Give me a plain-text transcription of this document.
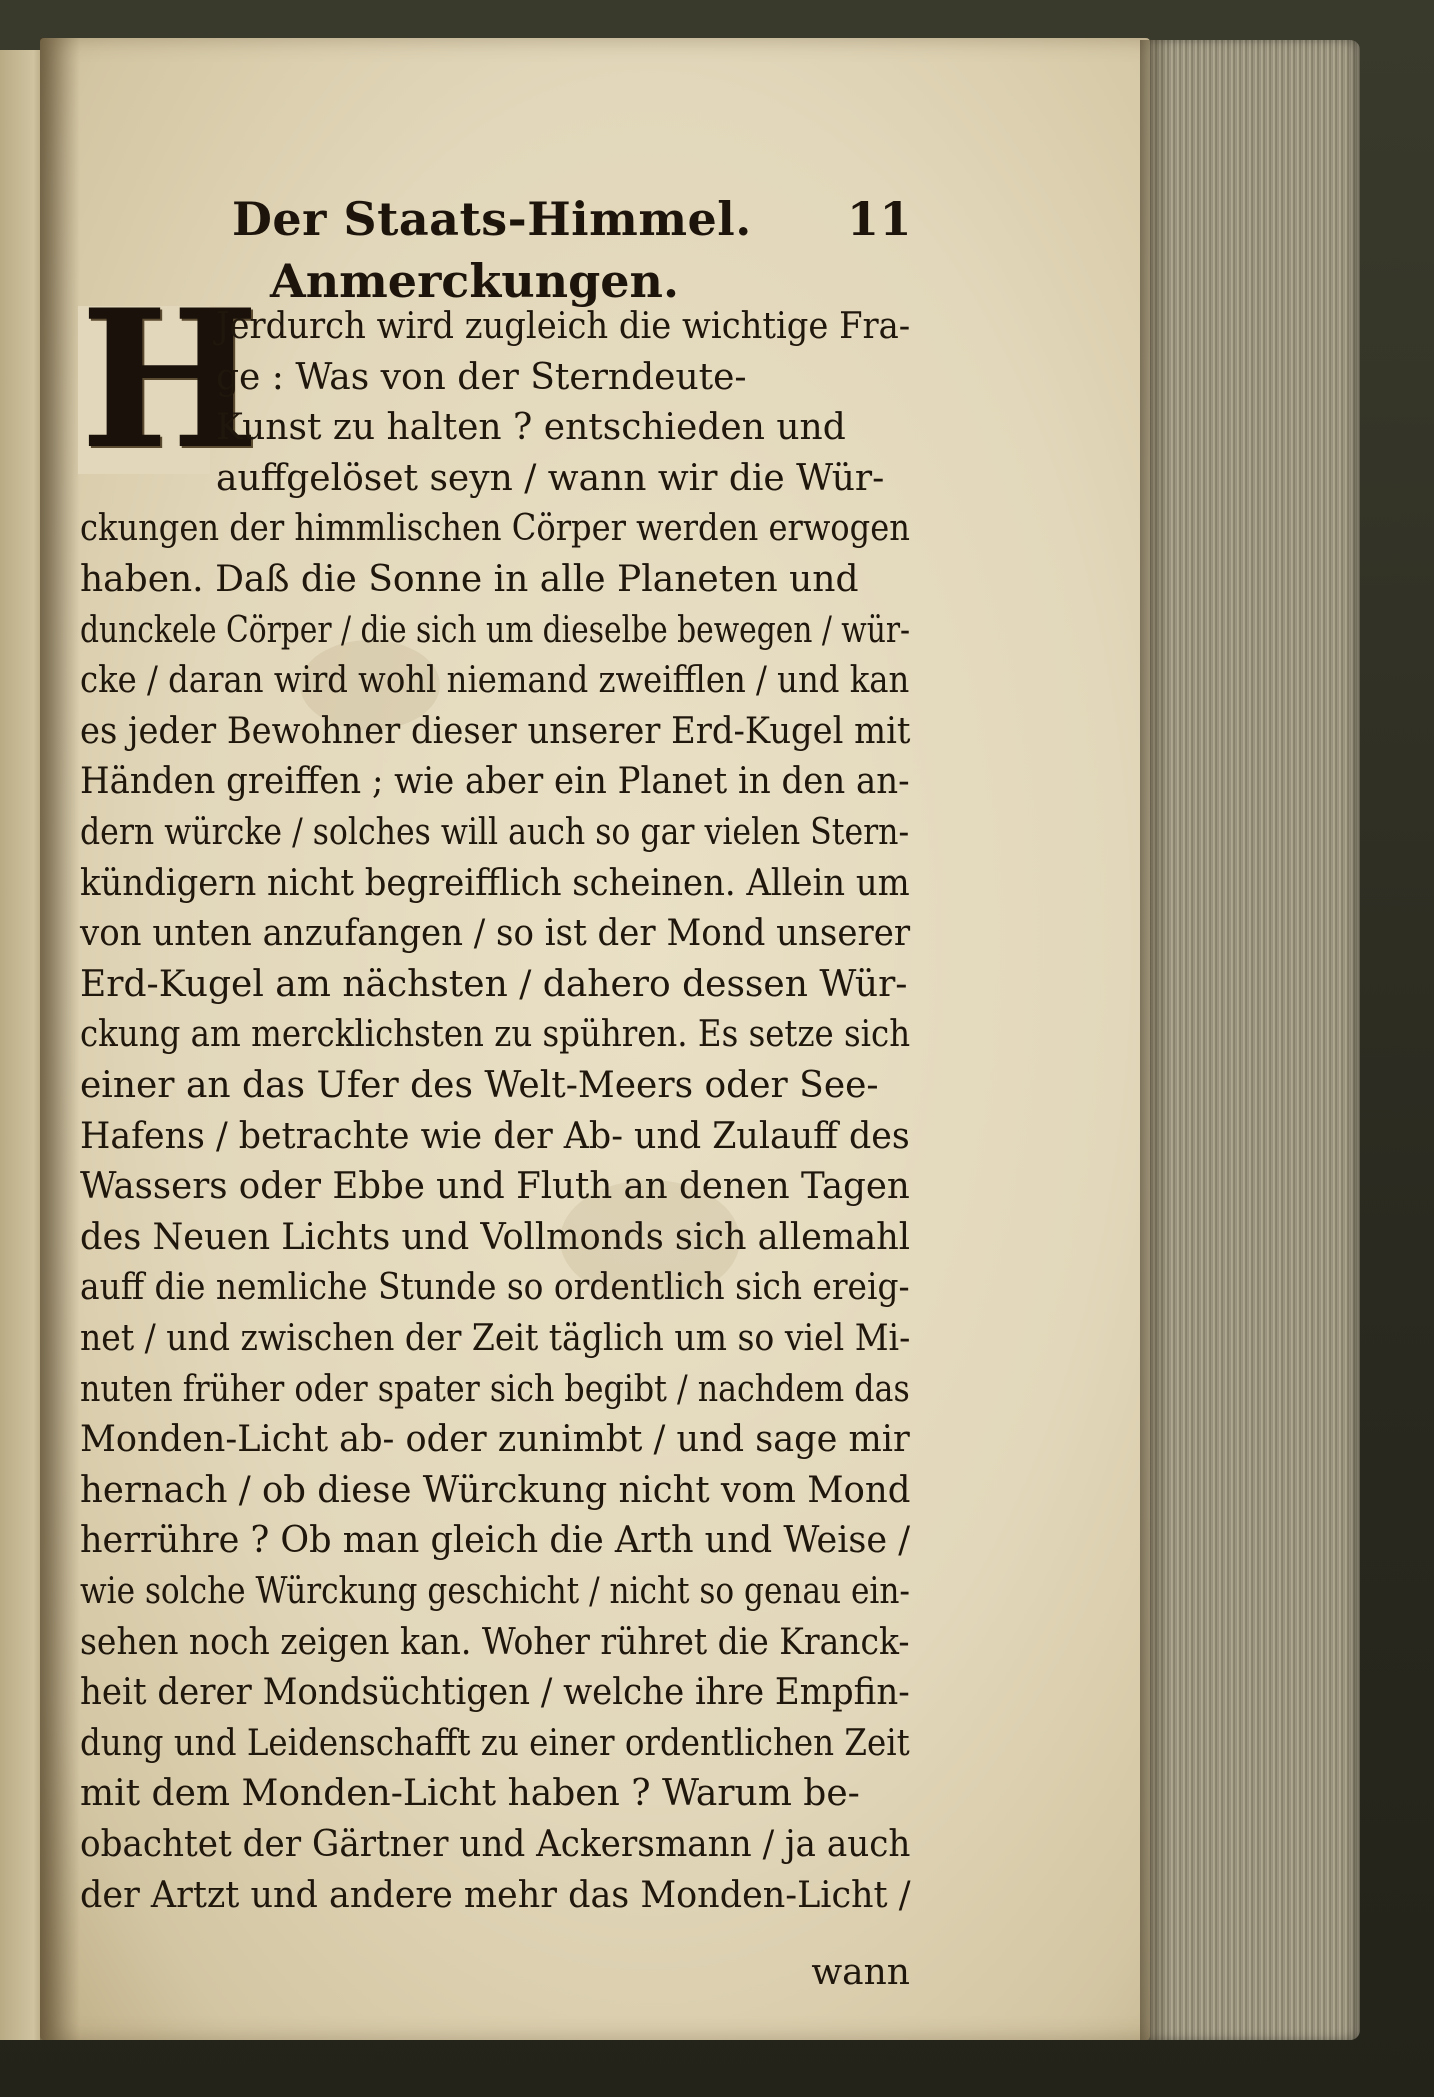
Der Staats-Himmel. 11
Anmerckungen.
H
Jerdurch wird zugleich die wichtige Fra-
ge : Was von der Sterndeute-
Kunst zu halten ? entschieden und
auffgelöset seyn / wann wir die Wür-
ckungen der himmlischen Cörper werden erwogen
haben. Daß die Sonne in alle Planeten und
dunckele Cörper / die sich um dieselbe bewegen / wür-
cke / daran wird wohl niemand zweifflen / und kan
es jeder Bewohner dieser unserer Erd-Kugel mit
Händen greiffen ; wie aber ein Planet in den an-
dern würcke / solches will auch so gar vielen Stern-
kündigern nicht begreifflich scheinen. Allein um
von unten anzufangen / so ist der Mond unserer
Erd-Kugel am nächsten / dahero dessen Wür-
ckung am mercklichsten zu spühren. Es setze sich
einer an das Ufer des Welt-Meers oder See-
Hafens / betrachte wie der Ab- und Zulauff des
Wassers oder Ebbe und Fluth an denen Tagen
des Neuen Lichts und Vollmonds sich allemahl
auff die nemliche Stunde so ordentlich sich ereig-
net / und zwischen der Zeit täglich um so viel Mi-
nuten früher oder spater sich begibt / nachdem das
Monden-Licht ab- oder zunimbt / und sage mir
hernach / ob diese Würckung nicht vom Mond
herrühre ? Ob man gleich die Arth und Weise /
wie solche Würckung geschicht / nicht so genau ein-
sehen noch zeigen kan. Woher rühret die Kranck-
heit derer Mondsüchtigen / welche ihre Empfin-
dung und Leidenschafft zu einer ordentlichen Zeit
mit dem Monden-Licht haben ? Warum be-
obachtet der Gärtner und Ackersmann / ja auch
der Artzt und andere mehr das Monden-Licht /
wann
